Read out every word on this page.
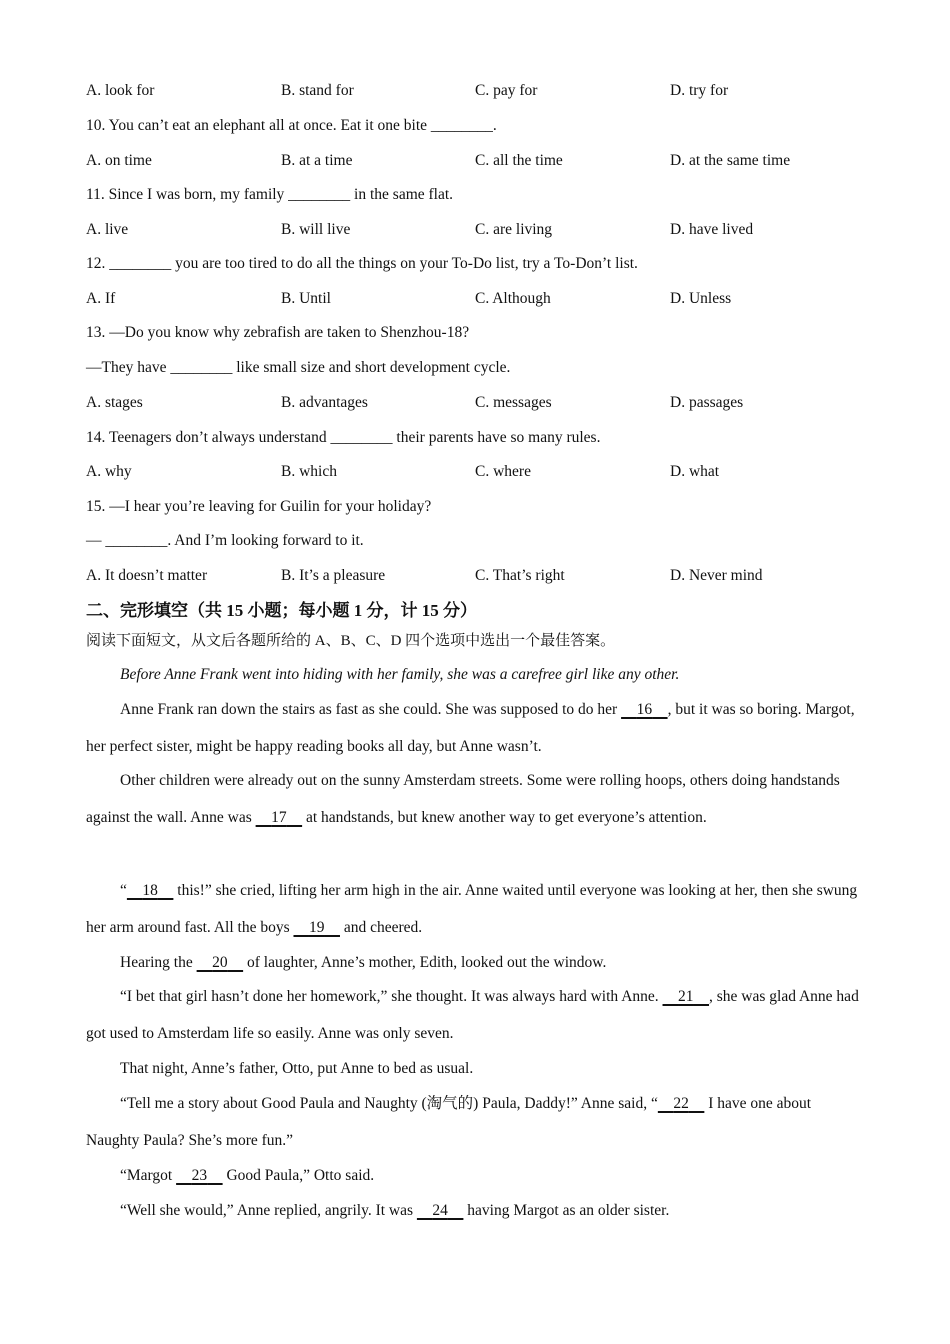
A. look for	B. stand for	C. pay for	D. try for
10. You can’t eat an elephant all at once. Eat it one bite ________.
A. on time	B. at a time	C. all the time	D. at the same time
11. Since I was born, my family ________ in the same flat.
A. live	B. will live	C. are living	D. have lived
12. ________ you are too tired to do all the things on your To-Do list, try a To-Don’t list.
A. If	B. Until	C. Although	D. Unless
13. —Do you know why zebrafish are taken to Shenzhou-18?
—They have ________ like small size and short development cycle.
A. stages	B. advantages	C. messages	D. passages
14. Teenagers don’t always understand ________ their parents have so many rules.
A. why	B. which	C. where	D. what
15. —I hear you’re leaving for Guilin for your holiday?
— ________. And I’m looking forward to it.
A. It doesn’t matter	B. It’s a pleasure	C. That’s right	D. Never mind
二、完形填空（共 15 小题；每小题 1 分，计 15 分）
阅读下面短文，从文后各题所给的 A、B、C、D 四个选项中选出一个最佳答案。
Before Anne Frank went into hiding with her family, she was a carefree girl like any other.
Anne Frank ran down the stairs as fast as she could. She was supposed to do her   16   , but it was so boring. Margot, her perfect sister, might be happy reading books all day, but Anne wasn’t.
Other children were already out on the sunny Amsterdam streets. Some were rolling hoops, others doing handstands against the wall. Anne was   17   at handstands, but knew another way to get everyone’s attention.
“   18   this!” she cried, lifting her arm high in the air. Anne waited until everyone was looking at her, then she swung her arm around fast. All the boys   19   and cheered.
Hearing the   20   of laughter, Anne’s mother, Edith, looked out the window.
“I bet that girl hasn’t done her homework,” she thought. It was always hard with Anne.   21   , she was glad Anne had got used to Amsterdam life so easily. Anne was only seven.
That night, Anne’s father, Otto, put Anne to bed as usual.
“Tell me a story about Good Paula and Naughty (淘气的) Paula, Daddy!” Anne said, “   22   I have one about Naughty Paula? She’s more fun.”
“Margot   23   Good Paula,” Otto said.
“Well she would,” Anne replied, angrily. It was   24   having Margot as an older sister.
